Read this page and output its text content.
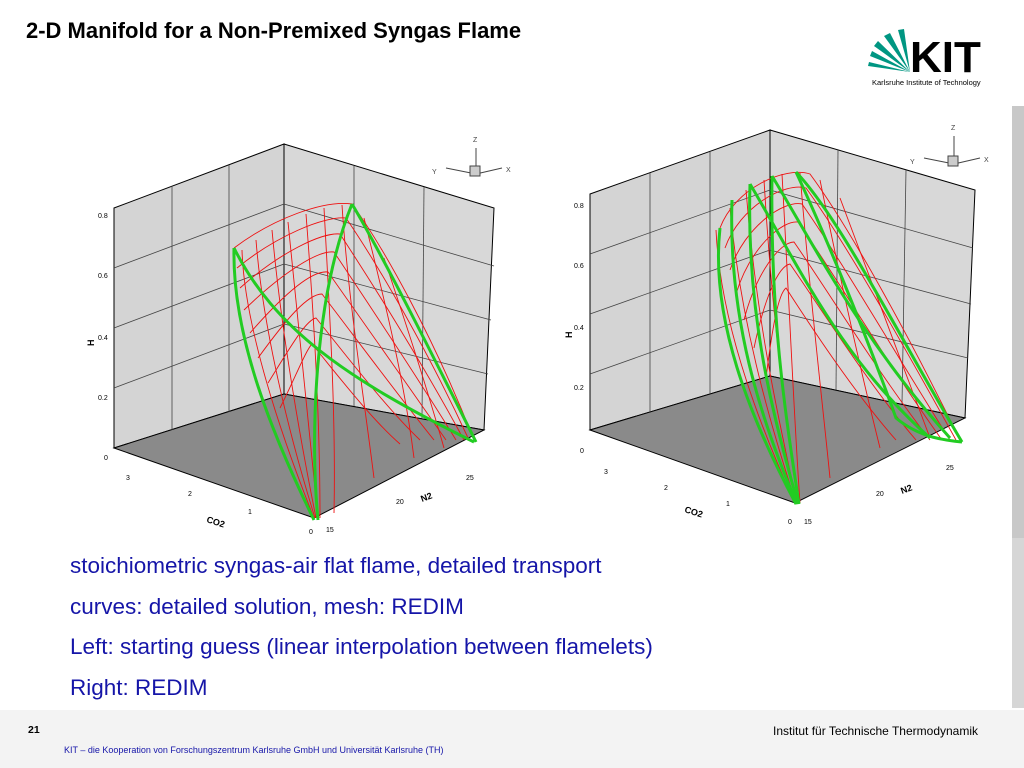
2-D Manifold for a Non-Premixed Syngas Flame
KIT
Karlsruhe Institute of Technology
0
0.2
0.4
0.6
0.8
H
0
1
2
3
CO2
15
20
25
N2
Z
Y	X
0
0.2
0.4
0.6
0.8
H
0
1
2
3
CO2
15
20
25
N2
Z
Y	X
stoichiometric syngas-air flat flame, detailed transport
curves: detailed solution, mesh: REDIM
Left: starting guess (linear interpolation between flamelets)
Right: REDIM
21	Institut für Technische Thermodynamik
KIT – die Kooperation von Forschungszentrum Karlsruhe GmbH und Universität Karlsruhe (TH)
